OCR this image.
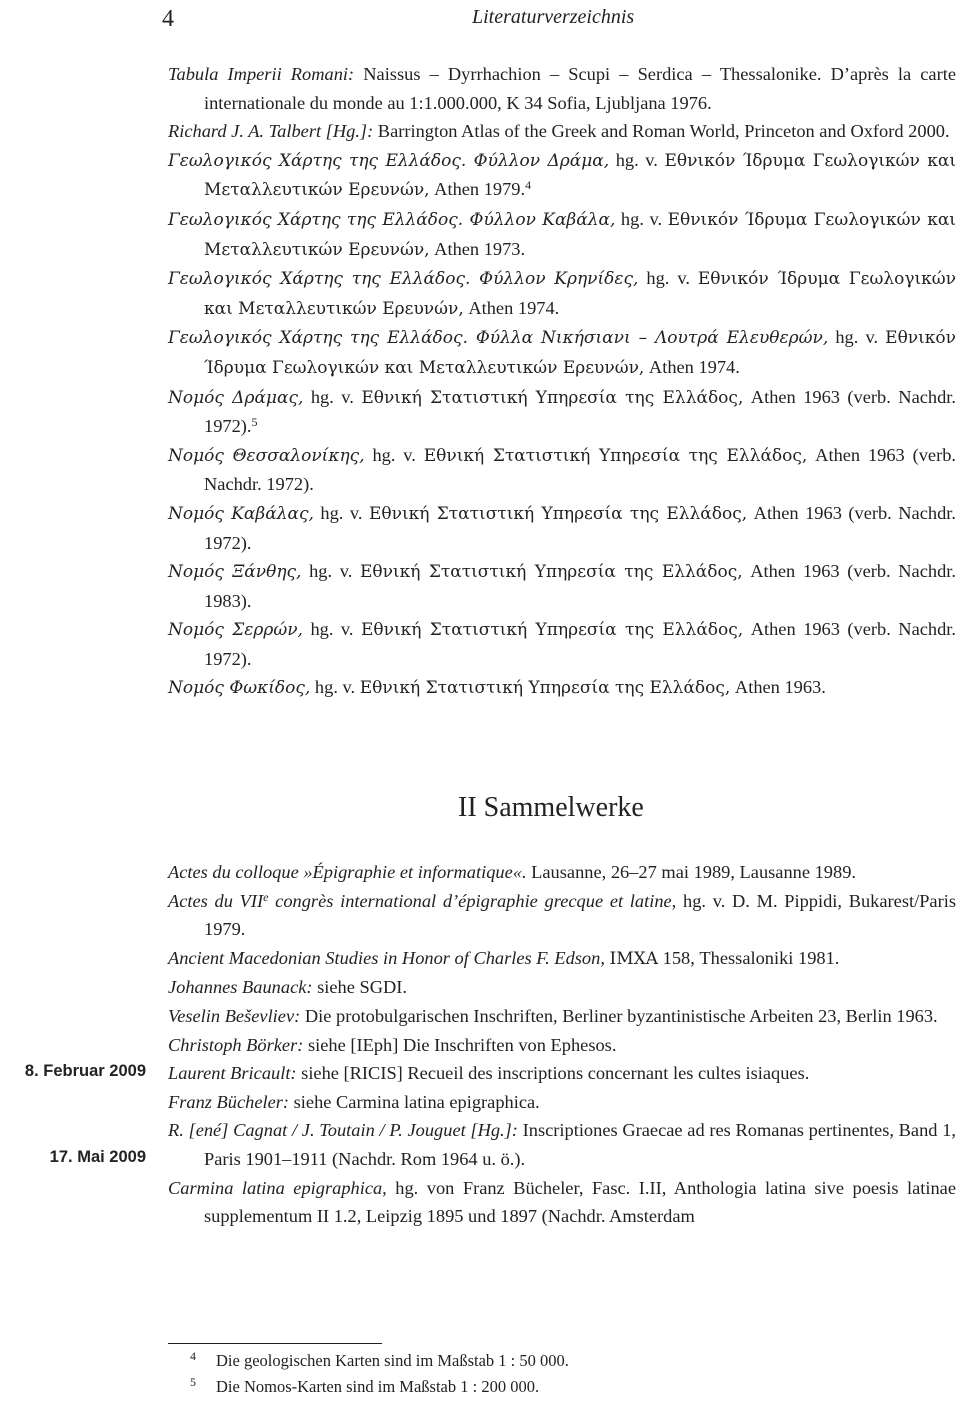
4	Literaturverzeichnis
Tabula Imperii Romani: Naissus – Dyrrhachion – Scupi – Serdica – Thessalonike. D’après la carte internationale du monde au 1:1.000.000, K 34 Sofia, Ljubljana 1976.
Richard J. A. Talbert [Hg.]: Barrington Atlas of the Greek and Roman World, Princeton and Oxford 2000.
Γεωλογικός Χάρτης της Ελλάδος. Φύλλον Δράμα, hg. v. Εθνικόν Ίδρυμα Γεωλογικών και Μεταλλευτικών Ερευνών, Athen 1979.$^4$
Γεωλογικός Χάρτης της Ελλάδος. Φύλλον Καβάλα, hg. v. Εθνικόν Ίδρυμα Γεωλογικών και Μεταλλευτικών Ερευνών, Athen 1973.
Γεωλογικός Χάρτης της Ελλάδος. Φύλλον Κρηνίδες, hg. v. Εθνικόν Ίδρυμα Γεωλογικών και Μεταλλευτικών Ερευνών, Athen 1974.
Γεωλογικός Χάρτης της Ελλάδος. Φύλλα Νικήσιανι – Λουτρά Ελευθερών, hg. v. Εθνικόν Ίδρυμα Γεωλογικών και Μεταλλευτικών Ερευνών, Athen 1974.
Νομός Δράμας, hg. v. Εθνική Στατιστική Υπηρεσία της Ελλάδος, Athen 1963 (verb. Nachdr. 1972).$^5$
Νομός Θεσσαλονίκης, hg. v. Εθνική Στατιστική Υπηρεσία της Ελλάδος, Athen 1963 (verb. Nachdr. 1972).
Νομός Καβάλας, hg. v. Εθνική Στατιστική Υπηρεσία της Ελλάδος, Athen 1963 (verb. Nachdr. 1972).
Νομός Ξάνθης, hg. v. Εθνική Στατιστική Υπηρεσία της Ελλάδος, Athen 1963 (verb. Nachdr. 1983).
Νομός Σερρών, hg. v. Εθνική Στατιστική Υπηρεσία της Ελλάδος, Athen 1963 (verb. Nachdr. 1972).
Νομός Φωκίδος, hg. v. Εθνική Στατιστική Υπηρεσία της Ελλάδος, Athen 1963.
II Sammelwerke
Actes du colloque »Épigraphie et informatique«. Lausanne, 26–27 mai 1989, Lausanne 1989.
Actes du VIIe congrès international d’épigraphie grecque et latine, hg. v. D. M. Pippidi, Bukarest/Paris 1979.
Ancient Macedonian Studies in Honor of Charles F. Edson, ΙΜΧΑ 158, Thessaloniki 1981.
Johannes Baunack: siehe SGDI.
Veselin Beševliev: Die protobulgarischen Inschriften, Berliner byzantinistische Arbeiten 23, Berlin 1963.
Christoph Börker: siehe [IEph] Die Inschriften von Ephesos.
Laurent Bricault: siehe [RICIS] Recueil des inscriptions concernant les cultes isiaques.
Franz Bücheler: siehe Carmina latina epigraphica.
R. [ené] Cagnat / J. Toutain / P. Jouguet [Hg.]: Inscriptiones Graecae ad res Romanas pertinentes, Band 1, Paris 1901–1911 (Nachdr. Rom 1964 u. ö.).
Carmina latina epigraphica, hg. von Franz Bücheler, Fasc. I.II, Anthologia latina sive poesis latinae supplementum II 1.2, Leipzig 1895 und 1897 (Nachdr. Amsterdam
8. Februar 2009
17. Mai 2009
$^4$ Die geologischen Karten sind im Maßstab 1 : 50 000.
$^5$ Die Nomos-Karten sind im Maßstab 1 : 200 000.
